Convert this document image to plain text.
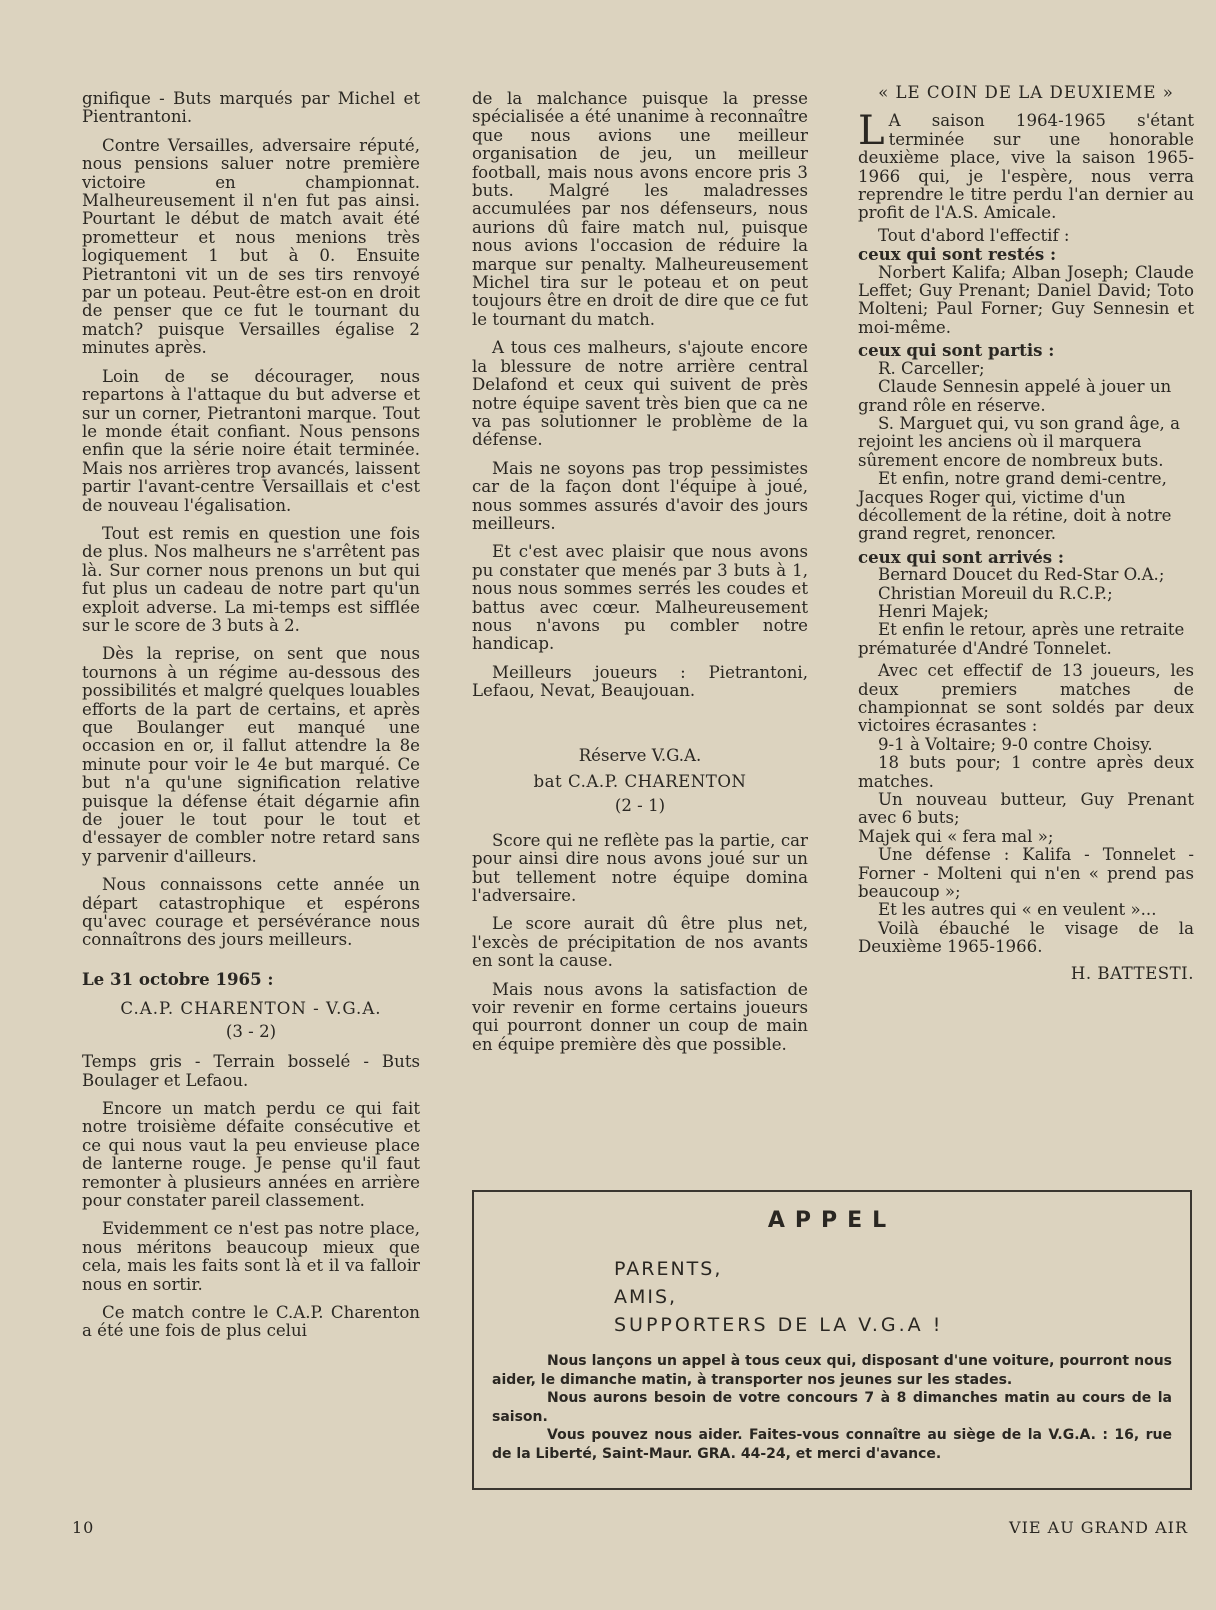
gnifique - Buts marqués par Michel et Pientrantoni.

Contre Versailles, adversaire réputé, nous pensions saluer notre première victoire en championnat. Malheureusement il n'en fut pas ainsi. Pourtant le début de match avait été prometteur et nous menions très logiquement 1 but à 0. Ensuite Pietrantoni vit un de ses tirs renvoyé par un poteau. Peut-être est-on en droit de penser que ce fut le tournant du match? puisque Versailles égalise 2 minutes après.

Loin de se décourager, nous repartons à l'attaque du but adverse et sur un corner, Pietrantoni marque. Tout le monde était confiant. Nous pensons enfin que la série noire était terminée. Mais nos arrières trop avancés, laissent partir l'avant-centre Versaillais et c'est de nouveau l'égalisation.

Tout est remis en question une fois de plus. Nos malheurs ne s'arrêtent pas là. Sur corner nous prenons un but qui fut plus un cadeau de notre part qu'un exploit adverse. La mi-temps est sifflée sur le score de 3 buts à 2.

Dès la reprise, on sent que nous tournons à un régime au-dessous des possibilités et malgré quelques louables efforts de la part de certains, et après que Boulanger eut manqué une occasion en or, il fallut attendre la 8e minute pour voir le 4e but marqué. Ce but n'a qu'une signification relative puisque la défense était dégarnie afin de jouer le tout pour le tout et d'essayer de combler notre retard sans y parvenir d'ailleurs.

Nous connaissons cette année un départ catastrophique et espérons qu'avec courage et persévérance nous connaîtrons des jours meilleurs.

Le 31 octobre 1965 :
C.A.P. CHARENTON - V.G.A.
(3 - 2)

Temps gris - Terrain bosselé - Buts Boulager et Lefaou.

Encore un match perdu ce qui fait notre troisième défaite consécutive et ce qui nous vaut la peu envieuse place de lanterne rouge. Je pense qu'il faut remonter à plusieurs années en arrière pour constater pareil classement.

Evidemment ce n'est pas notre place, nous méritons beaucoup mieux que cela, mais les faits sont là et il va falloir nous en sortir.

Ce match contre le C.A.P. Charenton a été une fois de plus celui

de la malchance puisque la presse spécialisée a été unanime à reconnaître que nous avions une meilleur organisation de jeu, un meilleur football, mais nous avons encore pris 3 buts. Malgré les maladresses accumulées par nos défenseurs, nous aurions dû faire match nul, puisque nous avions l'occasion de réduire la marque sur penalty. Malheureusement Michel tira sur le poteau et on peut toujours être en droit de dire que ce fut le tournant du match.

A tous ces malheurs, s'ajoute encore la blessure de notre arrière central Delafond et ceux qui suivent de près notre équipe savent très bien que ca ne va pas solutionner le problème de la défense.

Mais ne soyons pas trop pessimistes car de la façon dont l'équipe à joué, nous sommes assurés d'avoir des jours meilleurs.

Et c'est avec plaisir que nous avons pu constater que menés par 3 buts à 1, nous nous sommes serrés les coudes et battus avec cœur. Malheureusement nous n'avons pu combler notre handicap.

Meilleurs joueurs : Pietrantoni, Lefaou, Nevat, Beaujouan.

Réserve V.G.A.
bat C.A.P. CHARENTON
(2 - 1)

Score qui ne reflète pas la partie, car pour ainsi dire nous avons joué sur un but tellement notre équipe domina l'adversaire.

Le score aurait dû être plus net, l'excès de précipitation de nos avants en sont la cause.

Mais nous avons la satisfaction de voir revenir en forme certains joueurs qui pourront donner un coup de main en équipe première dès que possible.

« LE COIN DE LA DEUXIEME »

L A saison 1964-1965 s'étant terminée sur une honorable deuxième place, vive la saison 1965-1966 qui, je l'espère, nous verra reprendre le titre perdu l'an dernier au profit de l'A.S. Amicale.

Tout d'abord l'effectif :

ceux qui sont restés :

Norbert Kalifa; Alban Joseph; Claude Leffet; Guy Prenant; Daniel David; Toto Molteni; Paul Forner; Guy Sennesin et moi-même.

ceux qui sont partis :
R. Carceller;
Claude Sennesin appelé à jouer un grand rôle en réserve.
S. Marguet qui, vu son grand âge, a rejoint les anciens où il marquera sûrement encore de nombreux buts.
Et enfin, notre grand demi-centre, Jacques Roger qui, victime d'un décollement de la rétine, doit à notre grand regret, renoncer.
ceux qui sont arrivés :
Bernard Doucet du Red-Star O.A.;
Christian Moreuil du R.C.P.;
Henri Majek;
Et enfin le retour, après une retraite prématurée d'André Tonnelet.

Avec cet effectif de 13 joueurs, les deux premiers matches de championnat se sont soldés par deux victoires écrasantes :

9-1 à Voltaire; 9-0 contre Choisy.

18 buts pour; 1 contre après deux matches.

Un nouveau butteur, Guy Prenant avec 6 buts;

Majek qui « fera mal »;

Une défense : Kalifa - Tonnelet - Forner - Molteni qui n'en « prend pas beaucoup »;

Et les autres qui « en veulent »...

Voilà ébauché le visage de la Deuxième 1965-1966.

H. BATTESTI.
APPEL
PARENTS,
AMIS,
SUPPORTERS DE LA V.G.A !

Nous lançons un appel à tous ceux qui, disposant d'une voiture, pourront nous aider, le dimanche matin, à transporter nos jeunes sur les stades.

Nous aurons besoin de votre concours 7 à 8 dimanches matin au cours de la saison.

Vous pouvez nous aider. Faites-vous connaître au siège de la V.G.A. : 16, rue de la Liberté, Saint-Maur. GRA. 44-24, et merci d'avance.

10	VIE AU GRAND AIR
